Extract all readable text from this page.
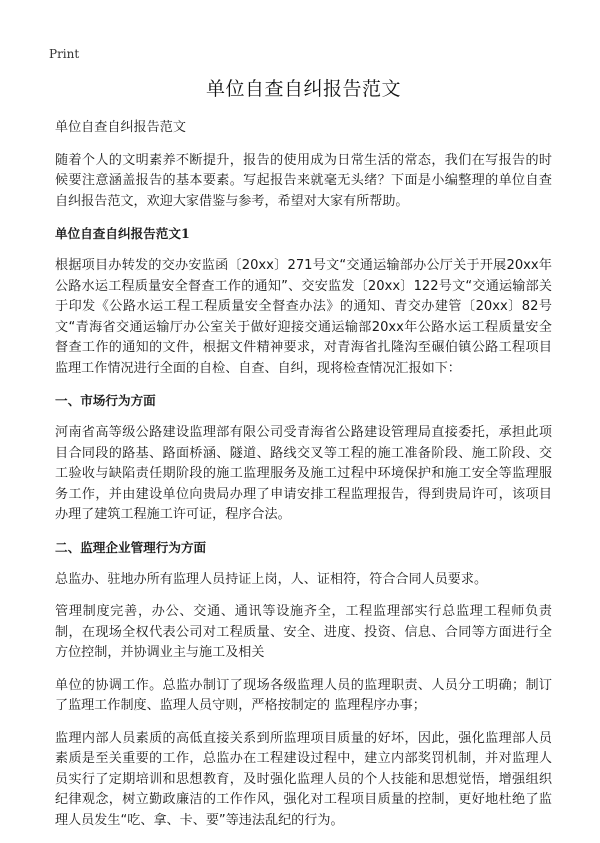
Print
单位自查自纠报告范文

单位自查自纠报告范文

随着个人的文明素养不断提升，报告的使用成为日常生活的常态，我们在写报告的时候要注意涵盖报告的基本要素。写起报告来就毫无头绪？下面是小编整理的单位自查自纠报告范文，欢迎大家借鉴与参考，希望对大家有所帮助。

单位自查自纠报告范文1

根据项目办转发的交办安监函〔20xx〕271号文“交通运输部办公厅关于开展20xx年公路水运工程质量安全督查工作的通知”、交安监发〔20xx〕122号文“交通运输部关于印发《公路水运工程工程质量安全督查办法》的通知、青交办建管〔20xx〕82号文“青海省交通运输厅办公室关于做好迎接交通运输部20xx年公路水运工程质量安全督查工作的通知的文件，根据文件精神要求，对青海省扎隆沟至碾伯镇公路工程项目监理工作情况进行全面的自检、自查、自纠，现将检查情况汇报如下：

一、市场行为方面

河南省高等级公路建设监理部有限公司受青海省公路建设管理局直接委托，承担此项目合同段的路基、路面桥涵、隧道、路线交叉等工程的施工准备阶段、施工阶段、交工验收与缺陷责任期阶段的施工监理服务及施工过程中环境保护和施工安全等监理服务工作，并由建设单位向贵局办理了申请安排工程监理报告，得到贵局许可，该项目办理了建筑工程施工许可证，程序合法。

二、监理企业管理行为方面

总监办、驻地办所有监理人员持证上岗，人、证相符，符合合同人员要求。

管理制度完善，办公、交通、通讯等设施齐全，工程监理部实行总监理工程师负责制，在现场全权代表公司对工程质量、安全、进度、投资、信息、合同等方面进行全方位控制，并协调业主与施工及相关

单位的协调工作。总监办制订了现场各级监理人员的监理职责、人员分工明确；制订了监理工作制度、监理人员守则，严格按制定的 监理程序办事；

监理内部人员素质的高低直接关系到所监理项目质量的好坏，因此，强化监理部人员素质是至关重要的工作，总监办在工程建设过程中，建立内部奖罚机制，并对监理人员实行了定期培训和思想教育，及时强化监理人员的个人技能和思想觉悟，增强组织纪律观念，树立勤政廉洁的工作作风，强化对工程项目质量的控制，更好地杜绝了监理人员发生“吃、拿、卡、要”等违法乱纪的行为。
